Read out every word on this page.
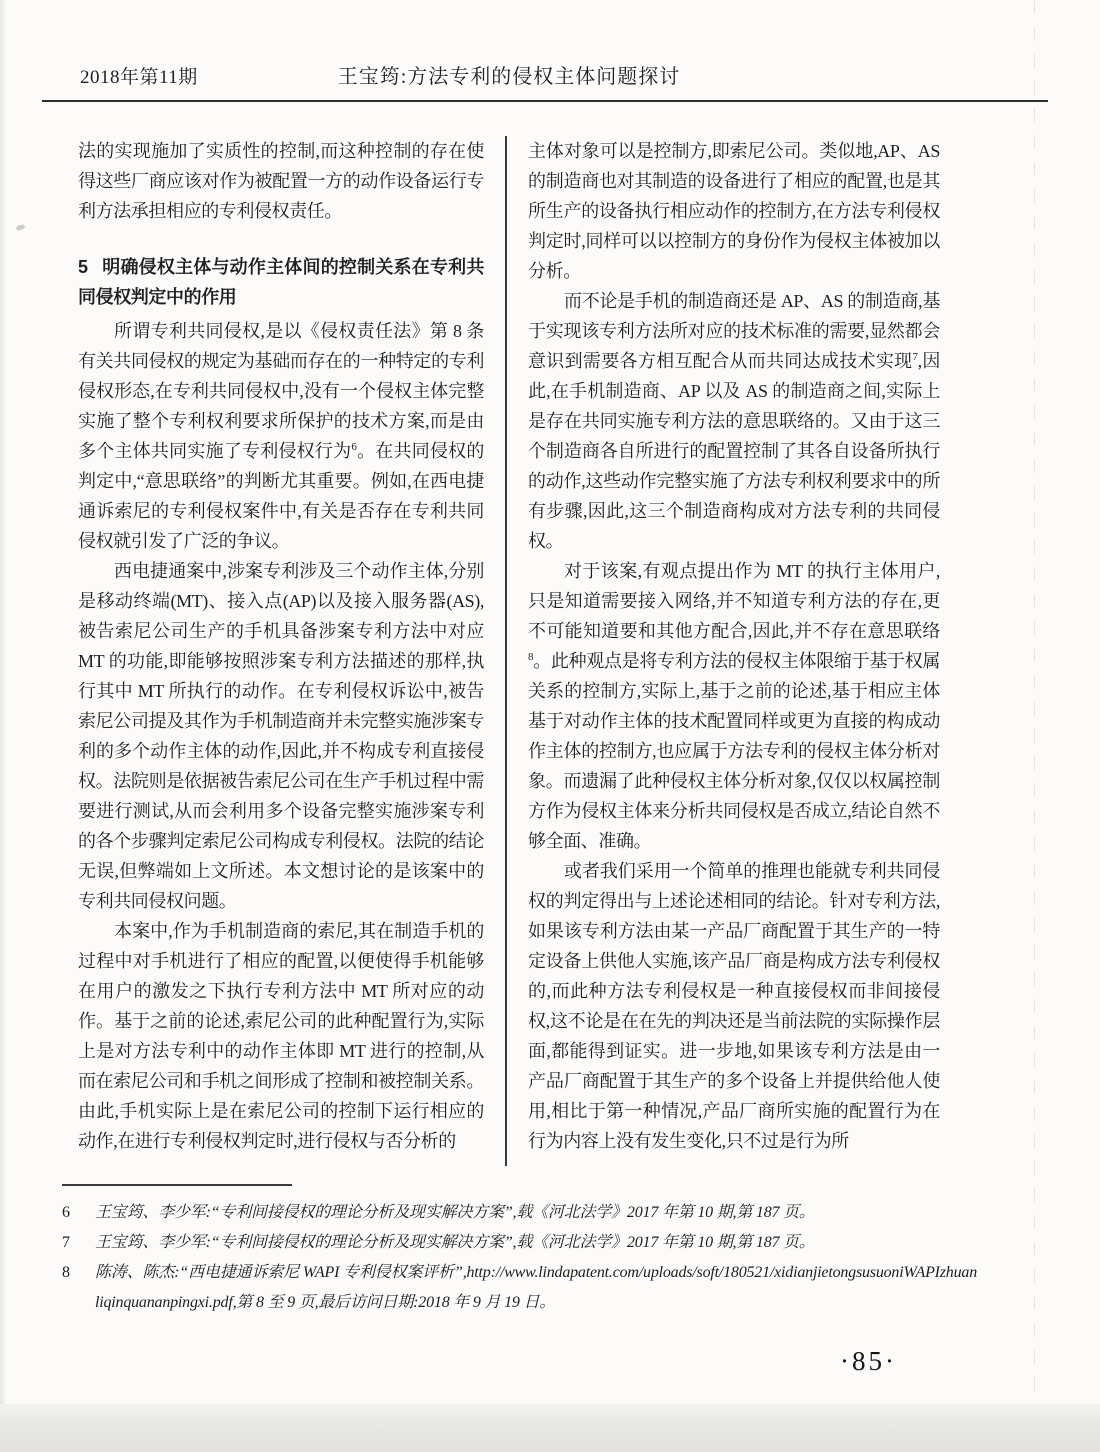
2018年第11期	王宝筠:方法专利的侵权主体问题探讨

法的实现施加了实质性的控制,而这种控制的存在使得这些厂商应该对作为被配置一方的动作设备运行专利方法承担相应的专利侵权责任。

5 明确侵权主体与动作主体间的控制关系在专利共同侵权判定中的作用

所谓专利共同侵权,是以《侵权责任法》第 8 条有关共同侵权的规定为基础而存在的一种特定的专利侵权形态,在专利共同侵权中,没有一个侵权主体完整实施了整个专利权利要求所保护的技术方案,而是由多个主体共同实施了专利侵权行为$^6$。在共同侵权的判定中,“意思联络”的判断尤其重要。例如,在西电捷通诉索尼的专利侵权案件中,有关是否存在专利共同侵权就引发了广泛的争议。

西电捷通案中,涉案专利涉及三个动作主体,分别是移动终端(MT)、接入点(AP)以及接入服务器(AS),被告索尼公司生产的手机具备涉案专利方法中对应 MT 的功能,即能够按照涉案专利方法描述的那样,执行其中 MT 所执行的动作。在专利侵权诉讼中,被告索尼公司提及其作为手机制造商并未完整实施涉案专利的多个动作主体的动作,因此,并不构成专利直接侵权。法院则是依据被告索尼公司在生产手机过程中需要进行测试,从而会利用多个设备完整实施涉案专利的各个步骤判定索尼公司构成专利侵权。法院的结论无误,但弊端如上文所述。本文想讨论的是该案中的专利共同侵权问题。

本案中,作为手机制造商的索尼,其在制造手机的过程中对手机进行了相应的配置,以便使得手机能够在用户的激发之下执行专利方法中 MT 所对应的动作。基于之前的论述,索尼公司的此种配置行为,实际上是对方法专利中的动作主体即 MT 进行的控制,从而在索尼公司和手机之间形成了控制和被控制关系。由此,手机实际上是在索尼公司的控制下运行相应的动作,在进行专利侵权判定时,进行侵权与否分析的

主体对象可以是控制方,即索尼公司。类似地,AP、AS 的制造商也对其制造的设备进行了相应的配置,也是其所生产的设备执行相应动作的控制方,在方法专利侵权判定时,同样可以以控制方的身份作为侵权主体被加以分析。

而不论是手机的制造商还是 AP、AS 的制造商,基于实现该专利方法所对应的技术标准的需要,显然都会意识到需要各方相互配合从而共同达成技术实现$^7$,因此,在手机制造商、AP 以及 AS 的制造商之间,实际上是存在共同实施专利方法的意思联络的。又由于这三个制造商各自所进行的配置控制了其各自设备所执行的动作,这些动作完整实施了方法专利权利要求中的所有步骤,因此,这三个制造商构成对方法专利的共同侵权。

对于该案,有观点提出作为 MT 的执行主体用户,只是知道需要接入网络,并不知道专利方法的存在,更不可能知道要和其他方配合,因此,并不存在意思联络$^8$。此种观点是将专利方法的侵权主体限缩于基于权属关系的控制方,实际上,基于之前的论述,基于相应主体基于对动作主体的技术配置同样或更为直接的构成动作主体的控制方,也应属于方法专利的侵权主体分析对象。而遗漏了此种侵权主体分析对象,仅仅以权属控制方作为侵权主体来分析共同侵权是否成立,结论自然不够全面、准确。

或者我们采用一个简单的推理也能就专利共同侵权的判定得出与上述论述相同的结论。针对专利方法,如果该专利方法由某一产品厂商配置于其生产的一特定设备上供他人实施,该产品厂商是构成方法专利侵权的,而此种方法专利侵权是一种直接侵权而非间接侵权,这不论是在在先的判决还是当前法院的实际操作层面,都能得到证实。进一步地,如果该专利方法是由一产品厂商配置于其生产的多个设备上并提供给他人使用,相比于第一种情况,产品厂商所实施的配置行为在行为内容上没有发生变化,只不过是行为所

6	王宝筠、李少军:“专利间接侵权的理论分析及现实解决方案”,载《河北法学》2017 年第 10 期,第 187 页。
7	王宝筠、李少军:“专利间接侵权的理论分析及现实解决方案”,载《河北法学》2017 年第 10 期,第 187 页。
8	陈涛、陈杰:“西电捷通诉索尼 WAPI 专利侵权案评析”,http://www.lindapatent.com/uploads/soft/180521/xidianjietongsusuoniWAPIzhuanliqinquananpingxi.pdf,第 8 至 9 页,最后访问日期:2018 年 9 月 19 日。
·85·
